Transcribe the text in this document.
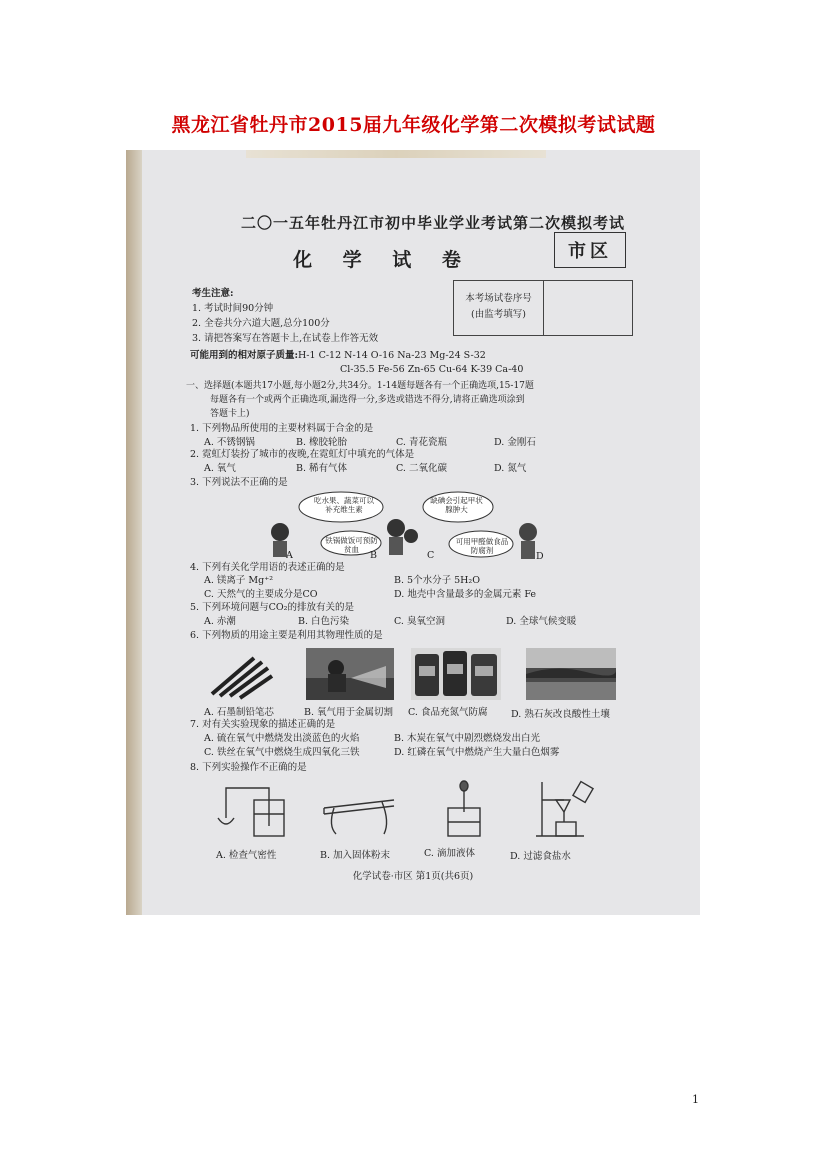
黑龙江省牡丹市2015届九年级化学第二次模拟考试试题
二〇一五年牡丹江市初中毕业学业考试第二次模拟考试
化 学 试 卷	市区
本考场试卷序号
(由监考填写)
考生注意:
1. 考试时间90分钟
2. 全卷共分六道大题,总分100分
3. 请把答案写在答题卡上,在试卷上作答无效
可能用到的相对原子质量:H-1 C-12 N-14 O-16 Na-23 Mg-24 S-32
Cl-35.5 Fe-56 Zn-65 Cu-64 K-39 Ca-40
一、选择题(本题共17小题,每小题2分,共34分。1-14题每题各有一个正确选项,15-17题
每题各有一个或两个正确选项,漏选得一分,多选或错选不得分,请将正确选项涂到
答题卡上)
1. 下列物品所使用的主要材料属于合金的是
A. 不锈钢锅	B. 橡胶轮胎	C. 青花瓷瓶	D. 金刚石
2. 霓虹灯装扮了城市的夜晚,在霓虹灯中填充的气体是
A. 氧气	B. 稀有气体	C. 二氧化碳	D. 氮气
3. 下列说法不正确的是
吃水果、蔬菜可以补充维生素
铁锅做饭可预防贫血
缺碘会引起甲状腺肿大
可用甲醛做食品防腐剂
A	B	C	D
4. 下列有关化学用语的表述正确的是
A. 镁离子 Mg⁺²	B. 5个水分子 5H₂O
C. 天然气的主要成分是CO	D. 地壳中含量最多的金属元素 Fe
5. 下列环境问题与CO₂的排放有关的是
A. 赤潮	B. 白色污染	C. 臭氧空洞	D. 全球气候变暖
6. 下列物质的用途主要是利用其物理性质的是
A. 石墨制铅笔芯	B. 氧气用于金属切割 C. 食品充氮气防腐 D. 熟石灰改良酸性土壤
7. 对有关实验现象的描述正确的是
A. 硫在氧气中燃烧发出淡蓝色的火焰	B. 木炭在氧气中剧烈燃烧发出白光
C. 铁丝在氧气中燃烧生成四氧化三铁	D. 红磷在氧气中燃烧产生大量白色烟雾
8. 下列实验操作不正确的是
A. 检查气密性	B. 加入固体粉末	C. 滴加液体	D. 过滤食盐水
化学试卷·市区 第1页(共6页)
1
